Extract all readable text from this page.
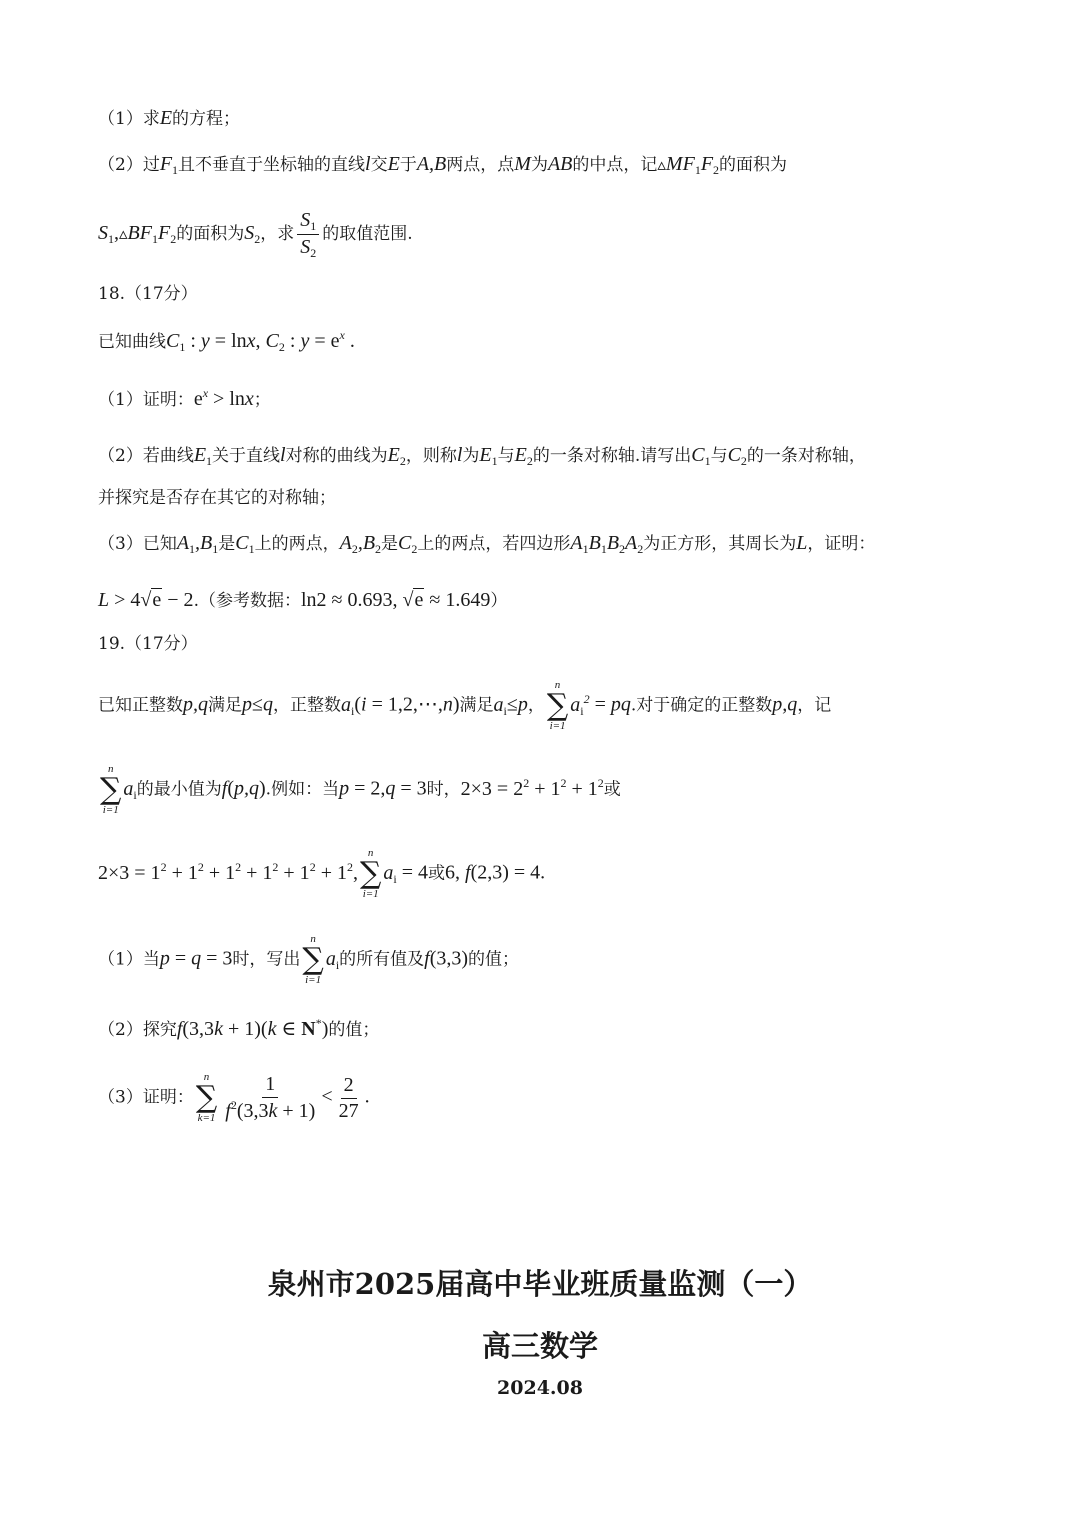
（1）求E的方程；
（2）过$F_1$且不垂直于坐标轴的直线l交E于A,B两点，点M为AB的中点，记$▵MF_1F_2$的面积为
$S_1,▵BF_1F_2$的面积为$S_2$，求 $\frac{S_1}{S_2}$ 的取值范围.
18.（17分）
已知曲线$C_1$ : y = lnx, $C_2$ : $y = e^x$ .
（1）证明：$e^x > \ln x$；
（2）若曲线$E_1$关于直线l对称的曲线为$E_2$，则称l为$E_1$与$E_2$的一条对称轴.请写出$C_1$与$C_2$的一条对称轴，
并探究是否存在其它的对称轴；
（3）已知$A_1,B_1$是$C_1$上的两点，$A_2,B_2$是$C_2$上的两点，若四边形$A_1B_1B_2A_2$为正方形，其周长为L，证明：
L > 4√e − 2.（参考数据：ln2 ≈ 0.693, √e ≈ 1.649）
19.（17分）
已知正整数p,q满足p≤q，正整数$a_i(i$ = 1,2,⋯,n)满足$a_i\le p$，
n
∑
i=1
$a_i^2$ = pq.对于确定的正整数p,q，记
n
∑
i=1
$a_i$的最小值为f(p,q).例如：当p = 2,q = 3时，$2\times 3 = 2^2 + 1^2 + 1^2$或
$2\times 3 = 1^2 + 1^2 + 1^2 + 1^2 + 1^2 + 1^2$,
n
∑
i=1
$a_i = 4$或6, f(2,3) = 4.
（1）当p = q = 3时，写出
n
∑
i=1
$a_i$的所有值及f(3,3)的值；
（2）探究f(3,3k + 1)(k ∈ N*)的值；
（3）证明：
n
∑
$k=1 \frac{1}{f^2(3,3k + 1)} < \frac{2}{27}$ .
泉州市2025届高中毕业班质量监测（一）
高三数学
2024.08
